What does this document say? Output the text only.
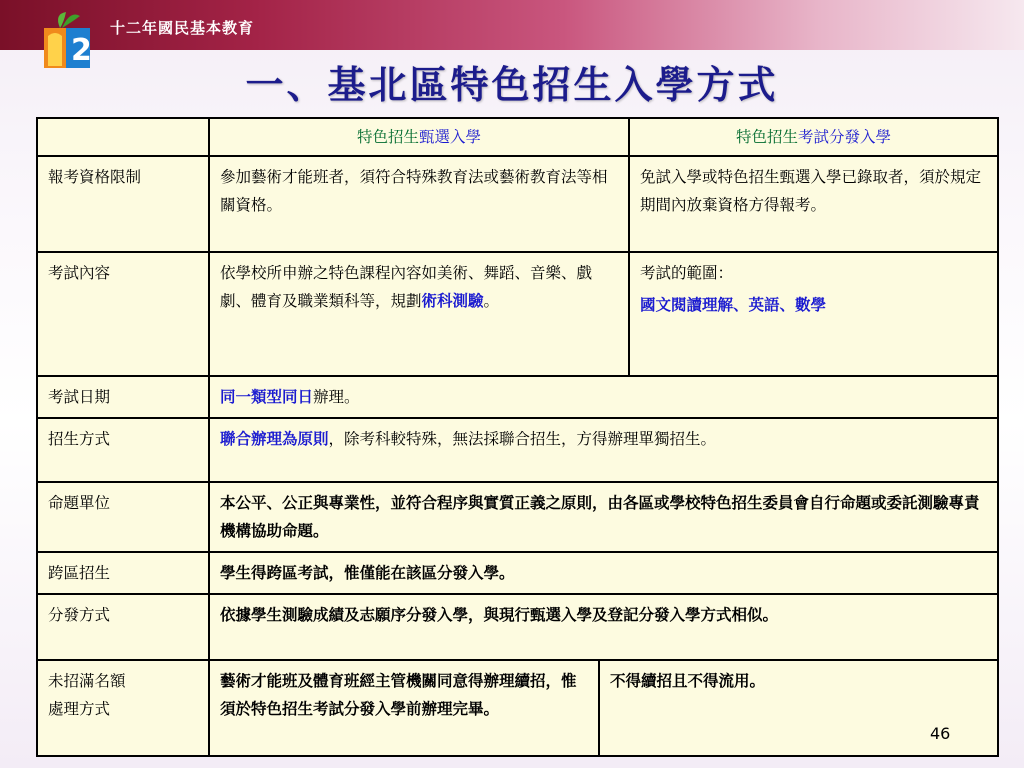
2
十二年國民基本教育
一、基北區特色招生入學方式
	特色招生甄選入學		特色招生考試分發入學
報考資格限制	參加藝術才能班者，須符合特殊教育法或藝術教育法等相關資格。		免試入學或特色招生甄選入學已錄取者，須於規定期間內放棄資格方得報考。
考試內容	依學校所申辦之特色課程內容如美術、舞蹈、音樂、戲劇、體育及職業類科等，規劃術科測驗。		考試的範圍：
國文閱讀理解、英語、數學

考試日期	同一類型同日辦理。		
招生方式	聯合辦理為原則，除考科較特殊，無法採聯合招生，方得辦理單獨招生。		
命題單位	本公平、公正與專業性，並符合程序與實質正義之原則，由各區或學校特色招生委員會自行命題或委託測驗專責機構協助命題。		
跨區招生	學生得跨區考試，惟僅能在該區分發入學。		
分發方式	依據學生測驗成績及志願序分發入學，與現行甄選入學及登記分發入學方式相似。		

未招滿名額
處理方式	藝術才能班及體育班經主管機關同意得辦理續招，惟須於特色招生考試分發入學前辦理完畢。	不得續招且不得流用。	
46
